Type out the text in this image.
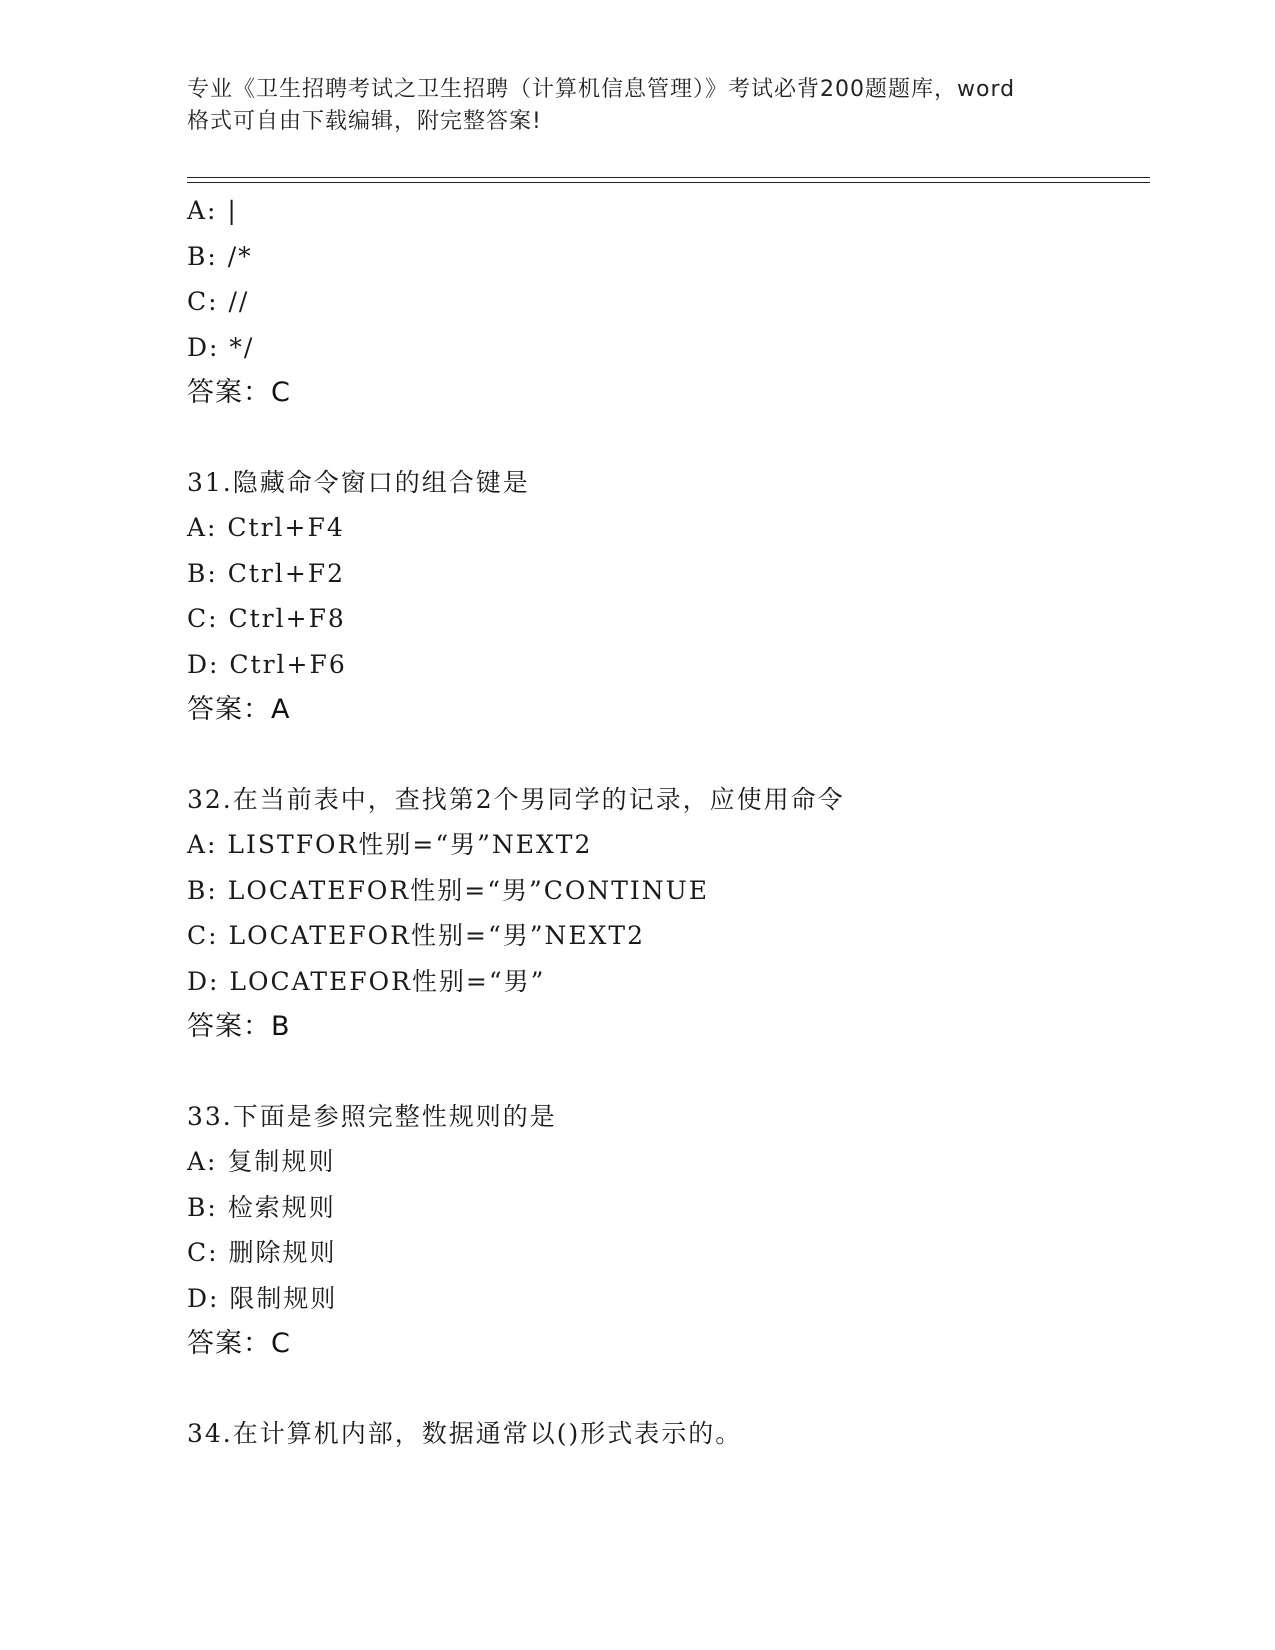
专业《卫生招聘考试之卫生招聘（计算机信息管理）》考试必背200题题库，word
格式可自由下载编辑，附完整答案!
A: |
B: /*
C: //
D: */
答案：C
31.隐藏命令窗口的组合键是
A: Ctrl+F4
B: Ctrl+F2
C: Ctrl+F8
D: Ctrl+F6
答案：A
32.在当前表中，查找第2个男同学的记录，应使用命令
A: LISTFOR性别=“男”NEXT2
B: LOCATEFOR性别=“男”CONTINUE
C: LOCATEFOR性别=“男”NEXT2
D: LOCATEFOR性别=“男”
答案：B
33.下面是参照完整性规则的是
A: 复制规则
B: 检索规则
C: 删除规则
D: 限制规则
答案：C
34.在计算机内部，数据通常以()形式表示的。
